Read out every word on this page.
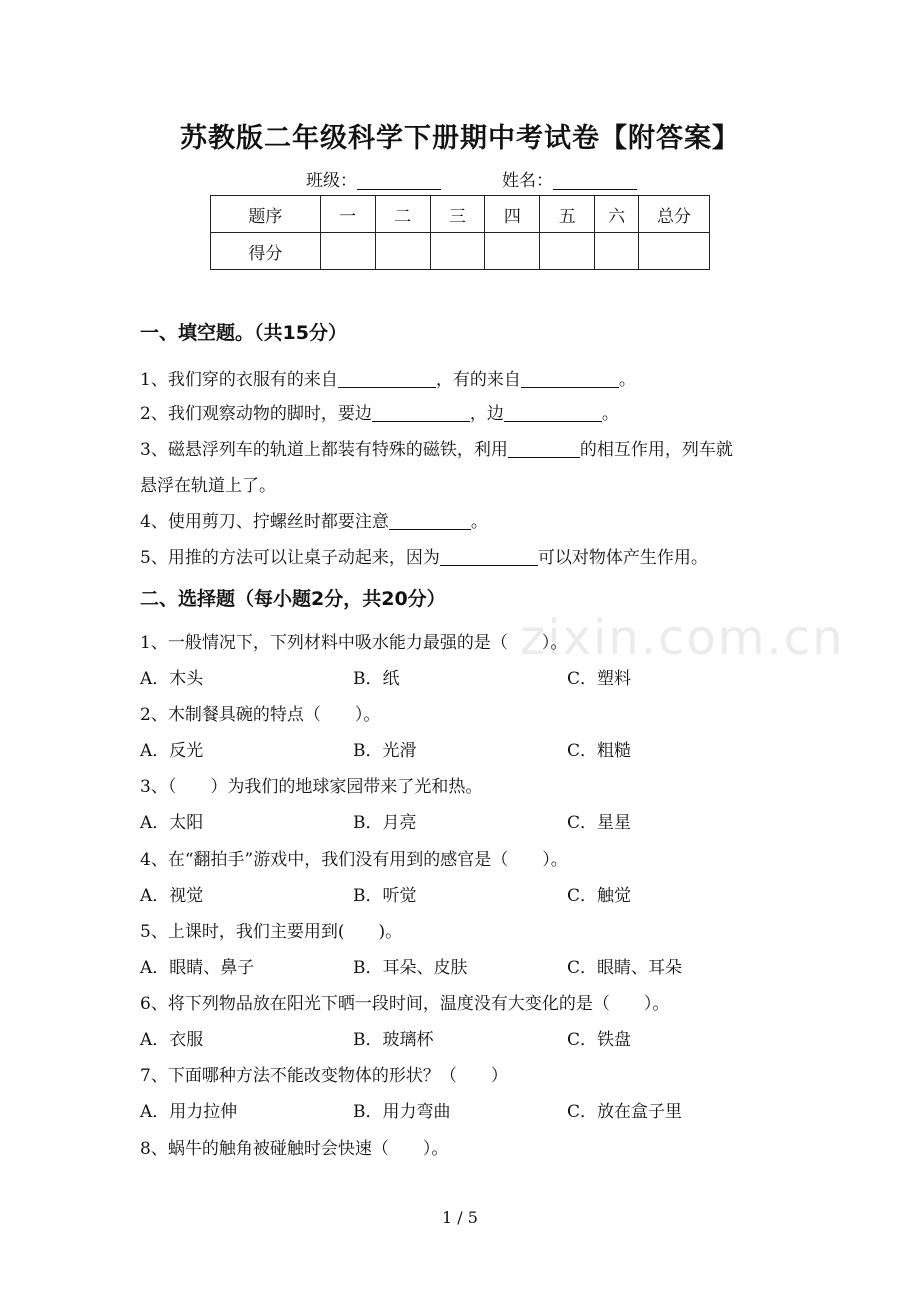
苏教版二年级科学下册期中考试卷【附答案】
班级：	姓名：
题序	一	二	三	四	五	六	总分
得分							
一、填空题。（共15分）
1、我们穿的衣服有的来自	，有的来自	。
2、我们观察动物的脚时，要边	，边	。
3、磁悬浮列车的轨道上都装有特殊的磁铁，利用	的相互作用，列车就
悬浮在轨道上了。
4、使用剪刀、拧螺丝时都要注意	。
5、用推的方法可以让桌子动起来，因为	可以对物体产生作用。
二、选择题（每小题2分，共20分）
1、一般情况下，下列材料中吸水能力最强的是（　　）。
A．木头	B．纸	C．塑料
2、木制餐具碗的特点（　　）。
A．反光	B．光滑	C．粗糙
3、（　　）为我们的地球家园带来了光和热。
A．太阳	B．月亮	C．星星
4、在“翻拍手”游戏中，我们没有用到的感官是（　　）。
A．视觉	B．听觉	C．触觉
5、上课时，我们主要用到(　　)。
A．眼睛、鼻子	B．耳朵、皮肤	C．眼睛、耳朵
6、将下列物品放在阳光下晒一段时间，温度没有大变化的是（　　）。
A．衣服	B．玻璃杯	C．铁盘
7、下面哪种方法不能改变物体的形状？（　　）
A．用力拉伸	B．用力弯曲	C．放在盒子里
8、蜗牛的触角被碰触时会快速（　　）。
zixin.com.cn
1 / 5
